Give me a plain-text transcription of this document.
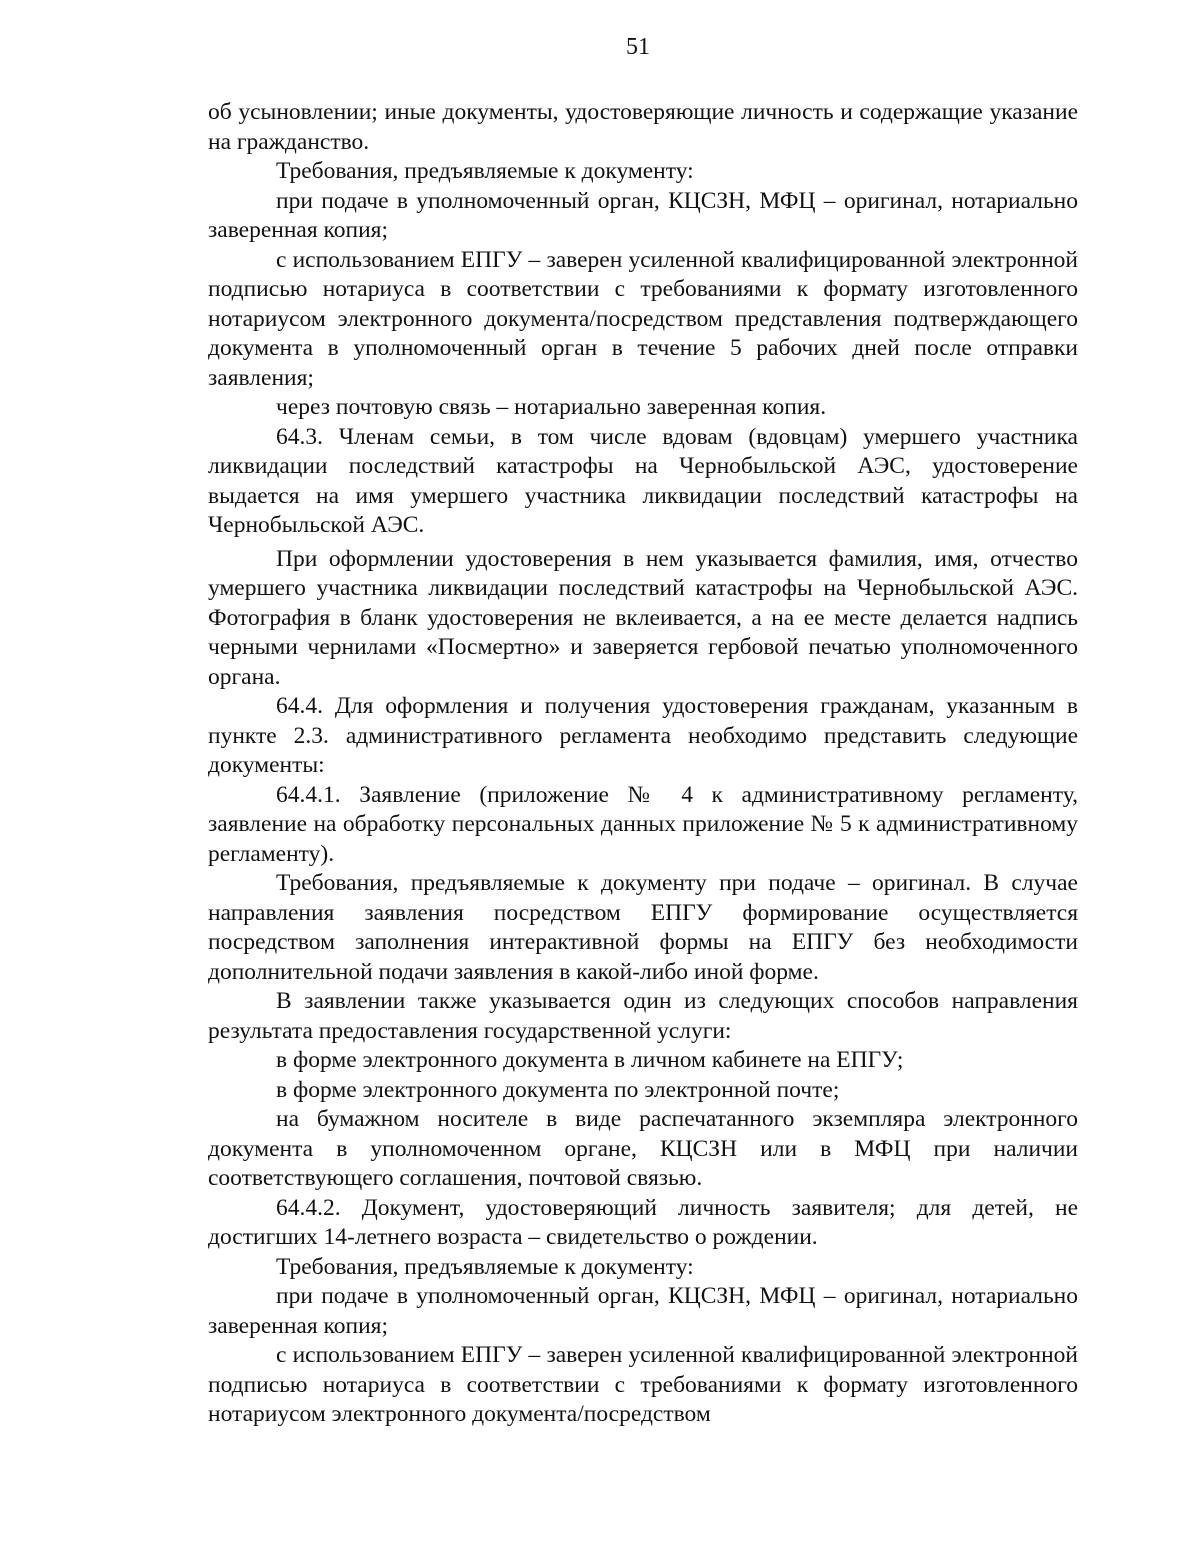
51

об усыновлении; иные документы, удостоверяющие личность и содержащие указание на гражданство.

Требования, предъявляемые к документу:

при подаче в уполномоченный орган, КЦСЗН, МФЦ – оригинал, нотариально заверенная копия;

с использованием ЕПГУ – заверен усиленной квалифицированной электронной подписью нотариуса в соответствии с требованиями к формату изготовленного нотариусом электронного документа/посредством представления подтверждающего документа в уполномоченный орган в течение 5 рабочих дней после отправки заявления;

через почтовую связь – нотариально заверенная копия.

64.3. Членам семьи, в том числе вдовам (вдовцам) умершего участника ликвидации последствий катастрофы на Чернобыльской АЭС, удостоверение выдается на имя умершего участника ликвидации последствий катастрофы на Чернобыльской АЭС.

При оформлении удостоверения в нем указывается фамилия, имя, отчество умершего участника ликвидации последствий катастрофы на Чернобыльской АЭС. Фотография в бланк удостоверения не вклеивается, а на ее месте делается надпись черными чернилами «Посмертно» и заверяется гербовой печатью уполномоченного органа.

64.4. Для оформления и получения удостоверения гражданам, указанным в пункте 2.3. административного регламента необходимо представить следующие документы:

64.4.1. Заявление (приложение № 4 к административному регламенту, заявление на обработку персональных данных приложение № 5 к административному регламенту).

Требования, предъявляемые к документу при подаче – оригинал. В случае направления заявления посредством ЕПГУ формирование осуществляется посредством заполнения интерактивной формы на ЕПГУ без необходимости дополнительной подачи заявления в какой-либо иной форме.

В заявлении также указывается один из следующих способов направления результата предоставления государственной услуги:

в форме электронного документа в личном кабинете на ЕПГУ;

в форме электронного документа по электронной почте;

на бумажном носителе в виде распечатанного экземпляра электронного документа в уполномоченном органе, КЦСЗН или в МФЦ при наличии соответствующего соглашения, почтовой связью.

64.4.2. Документ, удостоверяющий личность заявителя; для детей, не достигших 14-летнего возраста – свидетельство о рождении.

Требования, предъявляемые к документу:

при подаче в уполномоченный орган, КЦСЗН, МФЦ – оригинал, нотариально заверенная копия;

с использованием ЕПГУ – заверен усиленной квалифицированной электронной подписью нотариуса в соответствии с требованиями к формату изготовленного нотариусом электронного документа/посредством
